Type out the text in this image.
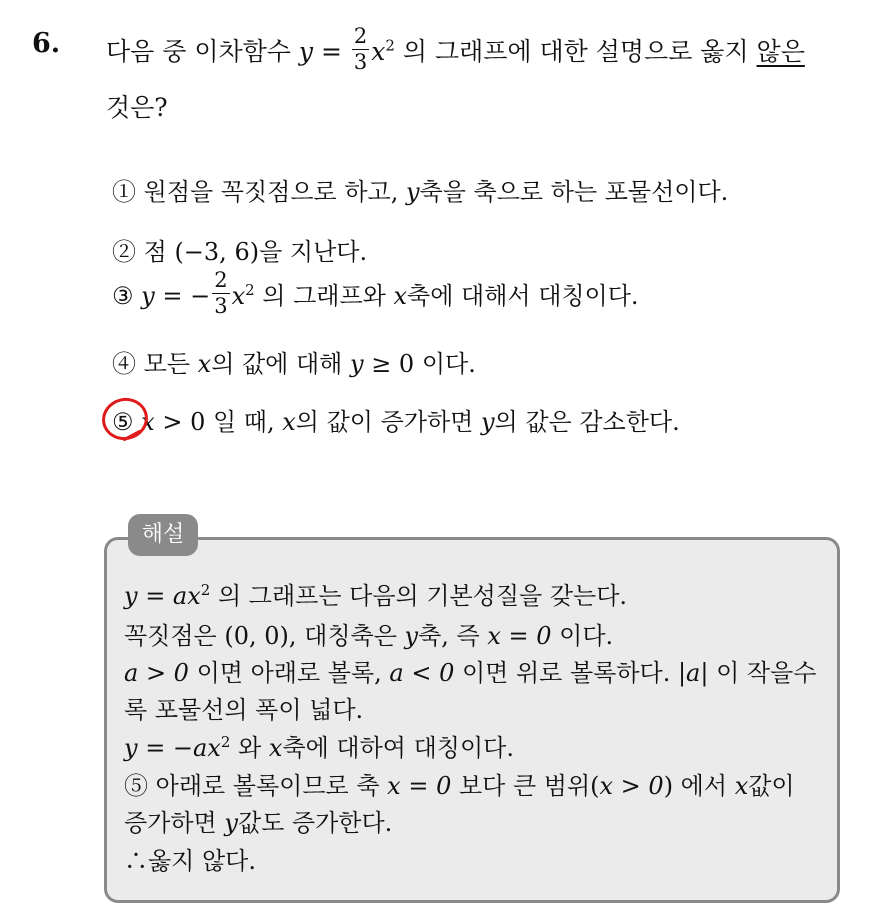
6. 다음 중 이차함수 $y = \frac{2}{3} x^2$ 의 그래프에 대한 설명으로 옳지 않은
것은?
① 원점을 꼭짓점으로 하고, y축을 축으로 하는 포물선이다.
② 점 (−3, 6)을 지난다.
③ y = − $\frac{2}{3} x^2$ 의 그래프와 x축에 대해서 대칭이다.
④ 모든 x의 값에 대해 y ≥ 0 이다.
⑤ x > 0 일 때, x의 값이 증가하면 y의 값은 감소한다.
해설
$y = ax^2$ 의 그래프는 다음의 기본성질을 갖는다.
꼭짓점은 (0, 0), 대칭축은 y축, 즉 x = 0 이다.
a > 0 이면 아래로 볼록, a < 0 이면 위로 볼록하다. |a| 이 작을수
록 포물선의 폭이 넓다.
$y = -ax^2$ 와 x축에 대하여 대칭이다.
⑤ 아래로 볼록이므로 축 x = 0 보다 큰 범위(x > 0) 에서 x값이
증가하면 y값도 증가한다.
∴옳지 않다.
